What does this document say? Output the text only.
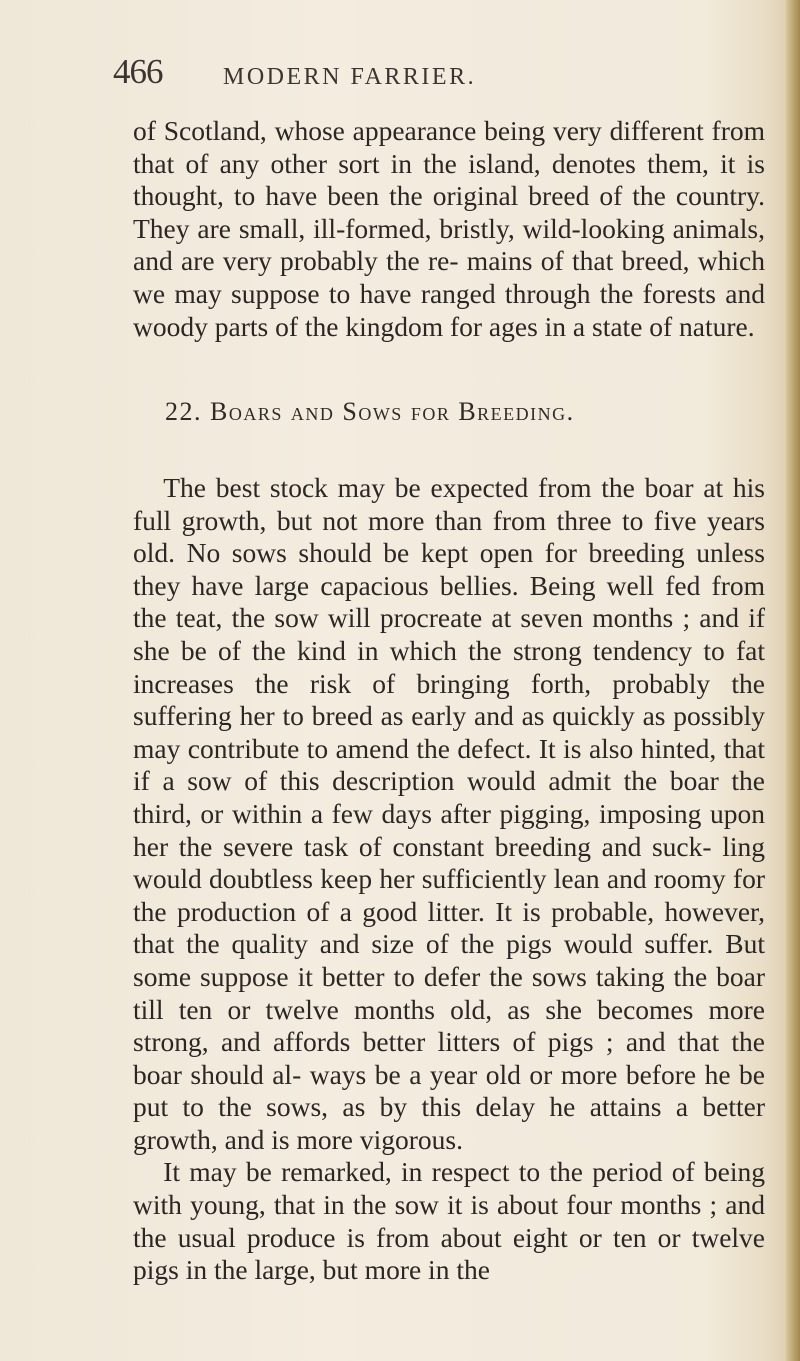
466	MODERN FARRIER.

of Scotland, whose appearance being very different from that of any other sort in the island, denotes them, it is thought, to have been the original breed of the country. They are small, ill-formed, bristly, wild-looking animals, and are very probably the re- mains of that breed, which we may suppose to have ranged through the forests and woody parts of the kingdom for ages in a state of nature.

22. Boars and Sows for Breeding.

The best stock may be expected from the boar at his full growth, but not more than from three to five years old. No sows should be kept open for breeding unless they have large capacious bellies. Being well fed from the teat, the sow will procreate at seven months ; and if she be of the kind in which the strong tendency to fat increases the risk of bringing forth, probably the suffering her to breed as early and as quickly as possibly may contribute to amend the defect. It is also hinted, that if a sow of this description would admit the boar the third, or within a few days after pigging, imposing upon her the severe task of constant breeding and suck- ling would doubtless keep her sufficiently lean and roomy for the production of a good litter. It is probable, however, that the quality and size of the pigs would suffer. But some suppose it better to defer the sows taking the boar till ten or twelve months old, as she becomes more strong, and affords better litters of pigs ; and that the boar should al- ways be a year old or more before he be put to the sows, as by this delay he attains a better growth, and is more vigorous.

It may be remarked, in respect to the period of being with young, that in the sow it is about four months ; and the usual produce is from about eight or ten or twelve pigs in the large, but more in the
